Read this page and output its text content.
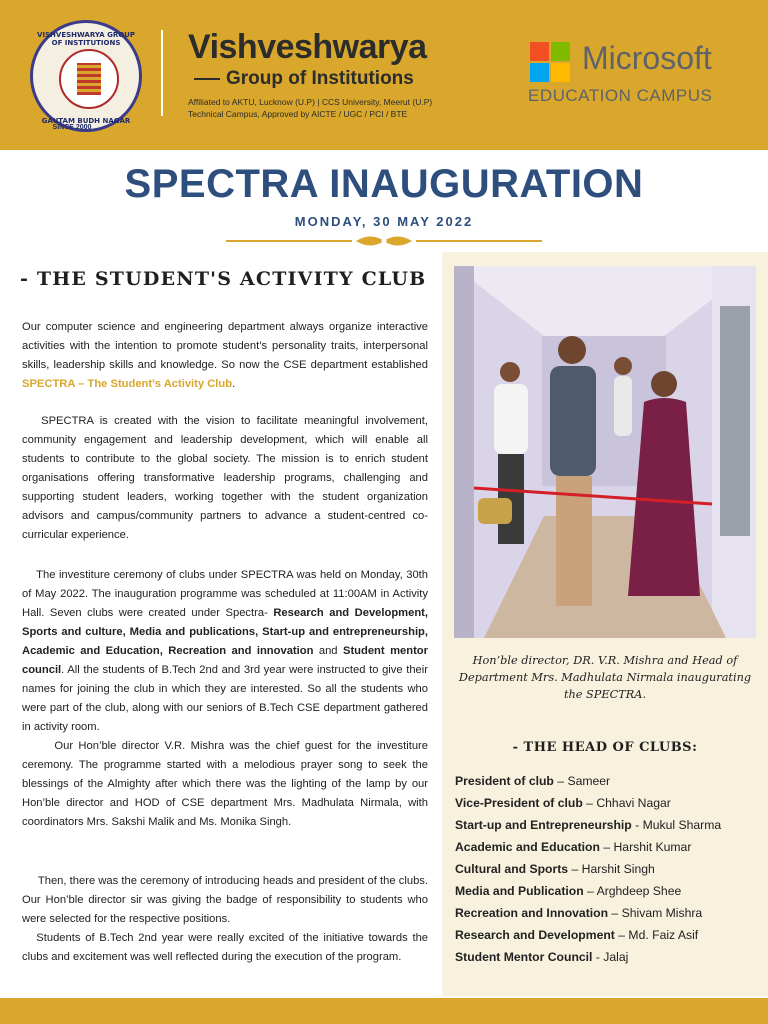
VISHVESHWARYA GROUP OF INSTITUTIONS
GAUTAM BUDH NAGAR
SINCE 2000
Vishveshwarya
Group of Institutions
Affiliated to AKTU, Lucknow (U.P) | CCS University, Meerut (U.P)
Technical Campus, Approved by AICTE / UGC / PCI / BTE
Microsoft
EDUCATION CAMPUS
SPECTRA INAUGURATION
MONDAY, 30 MAY 2022
- THE STUDENT'S ACTIVITY CLUB
Our computer science and engineering department always organize interactive activities with the intention to promote student’s personality traits, interpersonal skills, leadership skills and knowledge. So now the CSE department established SPECTRA – The Student's Activity Club.
SPECTRA is created with the vision to facilitate meaningful involvement, community engagement and leadership development, which will enable all students to contribute to the global society. The mission is to enrich student organisations offering transformative leadership programs, challenging and supporting student leaders, working together with the student organization advisors and campus/community partners to advance a student-centred co-curricular experience.
The investiture ceremony of clubs under SPECTRA was held on Monday, 30th of May 2022. The inauguration programme was scheduled at 11:00AM in Activity Hall. Seven clubs were created under Spectra- Research and Development, Sports and culture, Media and publications, Start-up and entrepreneurship, Academic and Education, Recreation and innovation and Student mentor council. All the students of B.Tech 2nd and 3rd year were instructed to give their names for joining the club in which they are interested. So all the students who were part of the club, along with our seniors of B.Tech CSE department gathered in activity room.
Our Hon’ble director V.R. Mishra was the chief guest for the investiture ceremony. The programme started with a melodious prayer song to seek the blessings of the Almighty after which there was the lighting of the lamp by our Hon’ble director and HOD of CSE department Mrs. Madhulata Nirmala, with coordinators Mrs. Sakshi Malik and Ms. Monika Singh.
Then, there was the ceremony of introducing heads and president of the clubs. Our Hon’ble director sir was giving the badge of responsibility to students who were selected for the respective positions.
Students of B.Tech 2nd year were really excited of the initiative towards the clubs and excitement was well reflected during the execution of the program.
Hon’ble director, DR. V.R. Mishra and Head of Department Mrs. Madhulata Nirmala inaugurating the SPECTRA.
- THE HEAD OF CLUBS:
President of club – Sameer
Vice-President of club – Chhavi Nagar
Start-up and Entrepreneurship - Mukul Sharma
Academic and Education – Harshit Kumar
Cultural and Sports – Harshit Singh
Media and Publication – Arghdeep Shee
Recreation and Innovation – Shivam Mishra
Research and Development – Md. Faiz Asif
Student Mentor Council - Jalaj
